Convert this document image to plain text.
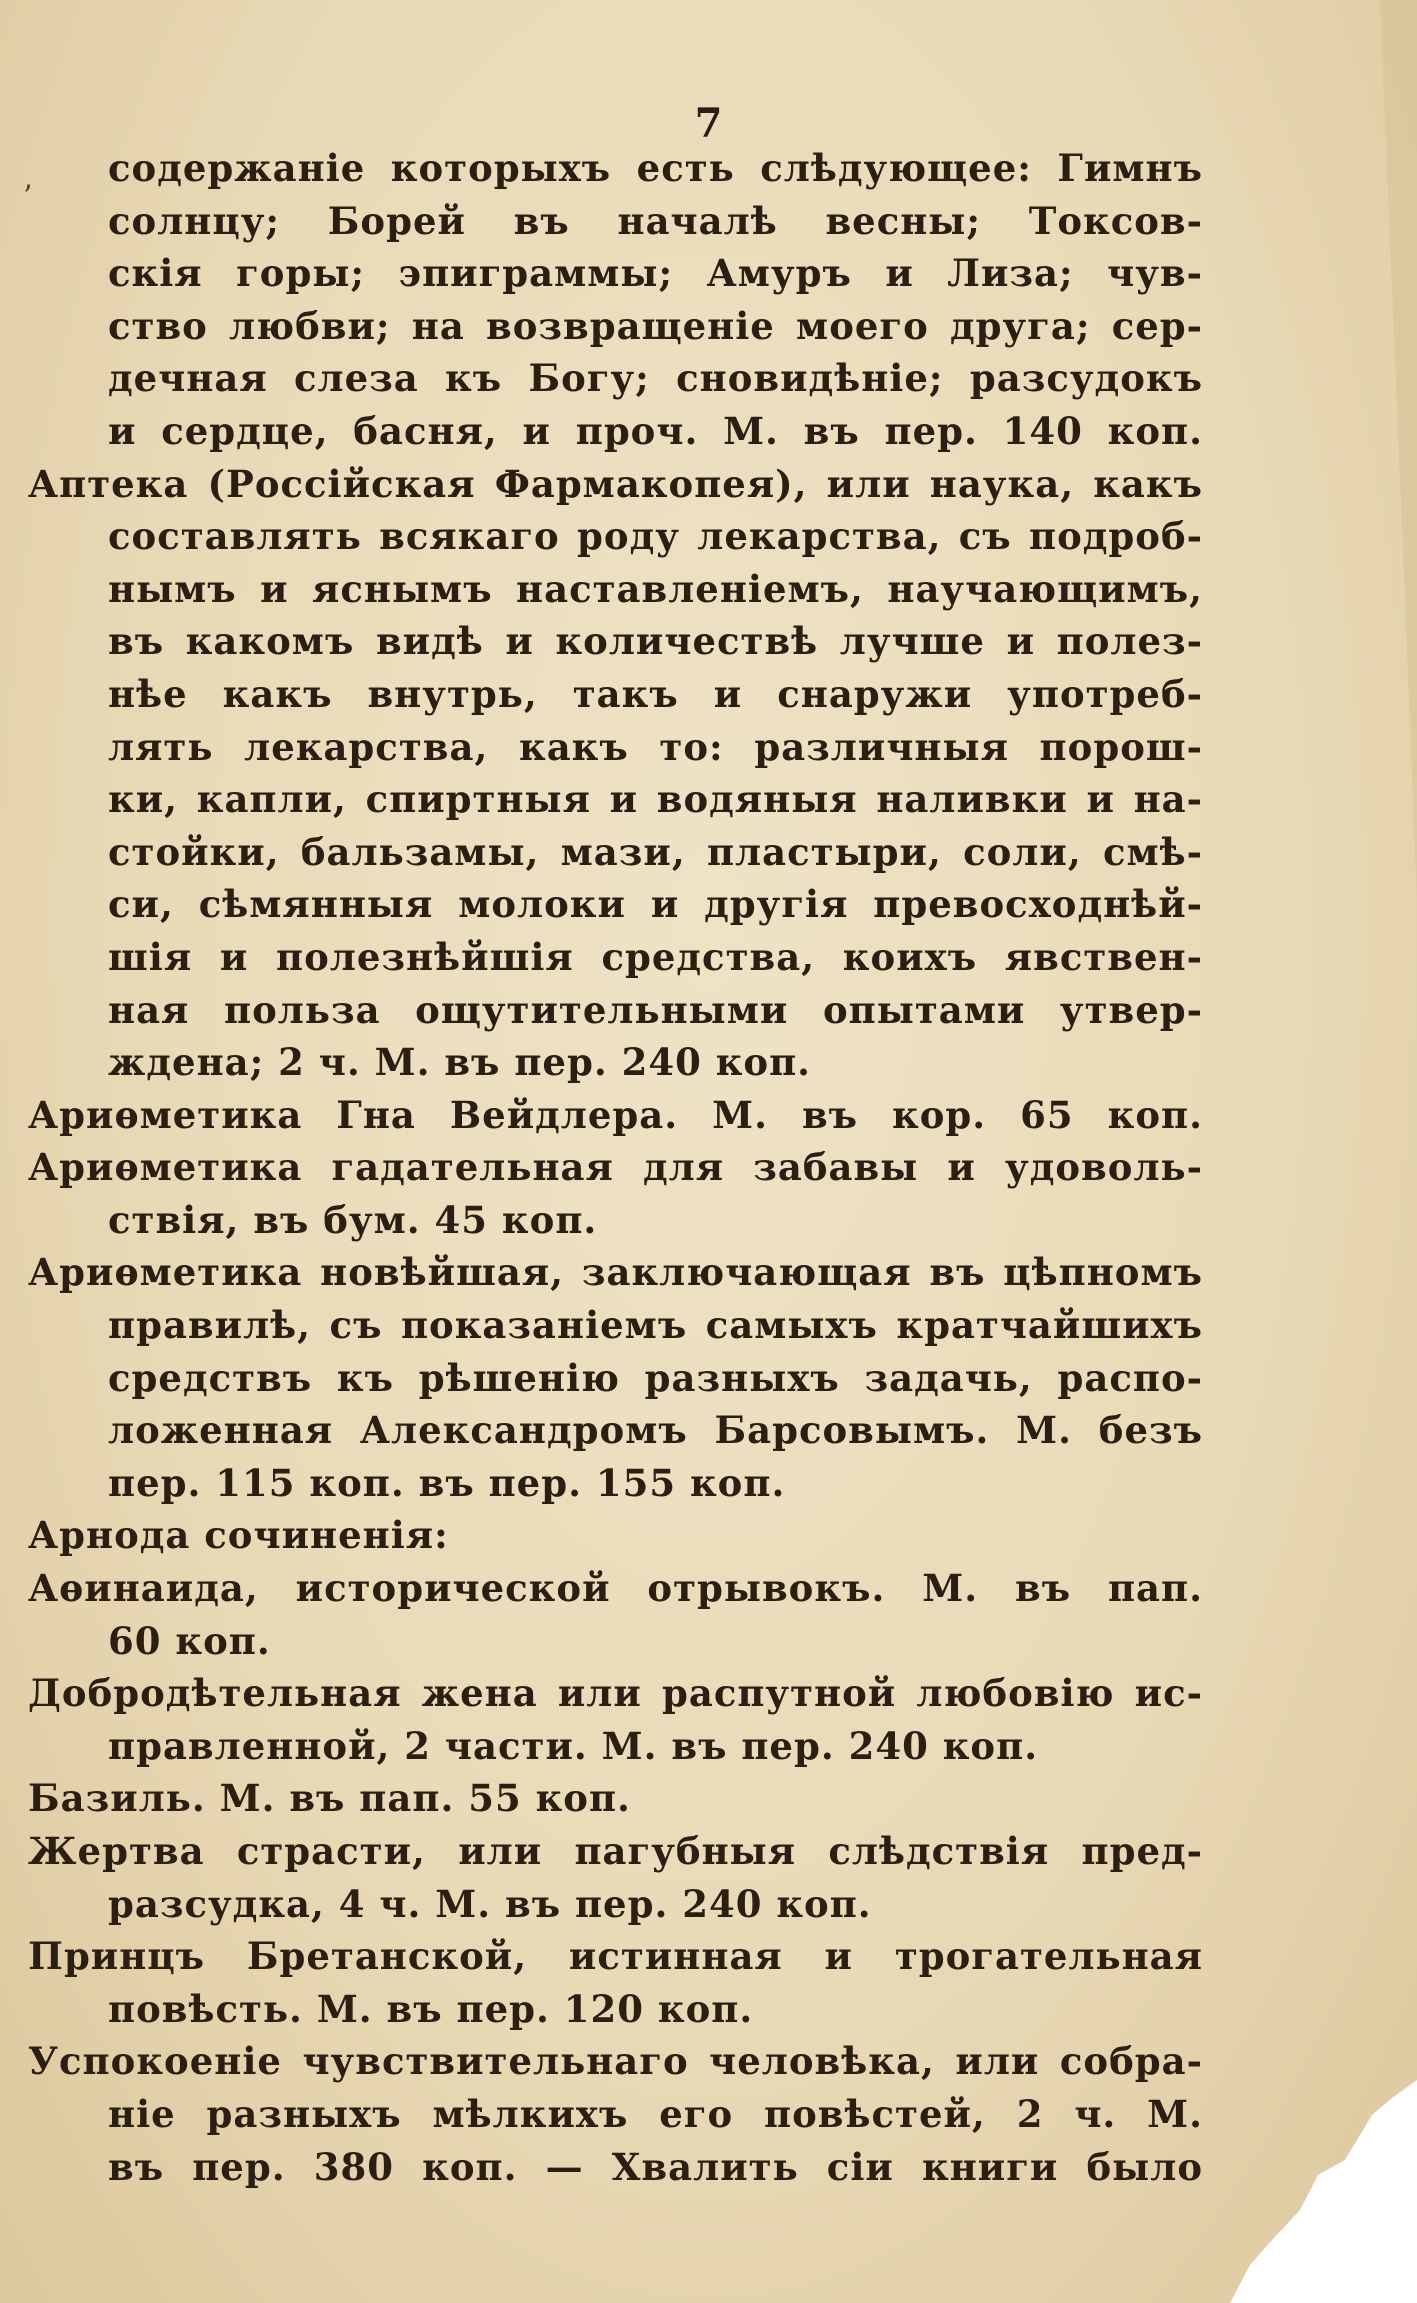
7
ʼ
содержаніе которыхъ есть слѣдующее: Гимнъ
солнцу; Борей въ началѣ весны; Токсов-
скія горы; эпиграммы; Амуръ и Лиза; чув-
ство любви; на возвращеніе моего друга; сер-
дечная слеза къ Богу; сновидѣніе; разсудокъ
и сердце, басня, и проч. М. въ пер. 140 коп.
Аптека (Россійская Фармакопея), или наука, какъ
составлять всякаго роду лекарства, съ подроб-
нымъ и яснымъ наставленіемъ, научающимъ,
въ какомъ видѣ и количествѣ лучше и полез-
нѣе какъ внутрь, такъ и снаружи употреб-
лять лекарства, какъ то: различныя порош-
ки, капли, спиртныя и водяныя наливки и на-
стойки, бальзамы, мази, пластыри, соли, смѣ-
си, сѣмянныя молоки и другія превосходнѣй-
шія и полезнѣйшія средства, коихъ явствен-
ная польза ощутительными опытами утвер-
ждена; 2 ч. М. въ пер. 240 коп.
Ариѳметика Гна Вейдлера. М. въ кор. 65 коп.
Ариѳметика гадательная для забавы и удоволь-
ствія, въ бум. 45 коп.
Ариѳметика новѣйшая, заключающая въ цѣпномъ
правилѣ, съ показаніемъ самыхъ кратчайшихъ
средствъ къ рѣшенію разныхъ задачь, распо-
ложенная Александромъ Барсовымъ. М. безъ
пер. 115 коп. въ пер. 155 коп.
Арнода сочиненія:
Аѳинаида, исторической отрывокъ. М. въ пап.
60 коп.
Добродѣтельная жена или распутной любовію ис-
правленной, 2 части. М. въ пер. 240 коп.
Базиль. М. въ пап. 55 коп.
Жертва страсти, или пагубныя слѣдствія пред-
разсудка, 4 ч. М. въ пер. 240 коп.
Принцъ Бретанской, истинная и трогательная
повѣсть. М. въ пер. 120 коп.
Успокоеніе чувствительнаго человѣка, или собра-
ніе разныхъ мѣлкихъ его повѣстей, 2 ч. М.
въ пер. 380 коп. — Хвалить сіи книги было
